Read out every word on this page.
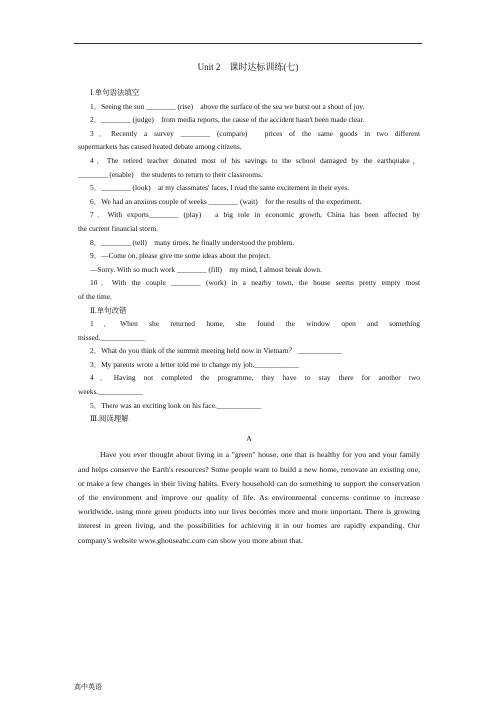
Unit 2　课时达标训练(七)
Ⅰ.单句语法填空
1．Seeing the sun ________ (rise)　above the surface of the sea we burst out a shout of joy.
2．________ (judge)　from media reports, the cause of the accident hasn't been made clear.
3．Recently a survey ________ (compare)　prices of the same goods in two different
supermarkets has caused heated debate among citizens.
4．The retired teacher donated most of his savings to the school damaged by the earthquake，
________ (enable)　the students to return to their classrooms.
5．________ (look)　at my classmates' faces, I read the same excitement in their eyes.
6．We had an anxious couple of weeks ________ (wait)　for the results of the experiment.
7．With exports________ (play)　a big role in economic growth, China has been affected by
the current financial storm.
8．________ (tell)　many times, he finally understood the problem.
9．—Come on, please give me some ideas about the project.
—Sorry. With so much work ________ (fill)　my mind, I almost break down.
10．With the couple ________ (work) in a nearby town, the house seems pretty empty most
of the time.
Ⅱ.单句改错
1．When she returned home, she found the window open and something
missed.____________
2．What do you think of the summit meeting held now in Vietnam？ ____________
3．My parents wrote a letter told me to change my job.____________
4．Having not completed the programme, they have to stay there for another two
weeks.____________
5．There was an exciting look on his face.____________
Ⅲ.阅读理解
A
Have you ever thought about living in a "green" house, one that is healthy for you and your family and helps conserve the Earth's resources? Some people want to build a new home, renovate an existing one, or make a few changes in their living habits. Every household can do something to support the conservation of the environment and improve our quality of life. As environmental concerns continue to increase worldwide, using more green products into our lives becomes more and more important. There is growing interest in green living, and the possibilities for achieving it in our homes are rapidly expanding. Our company's website www.ghouseabc.com can show you more about that.
高中英语
